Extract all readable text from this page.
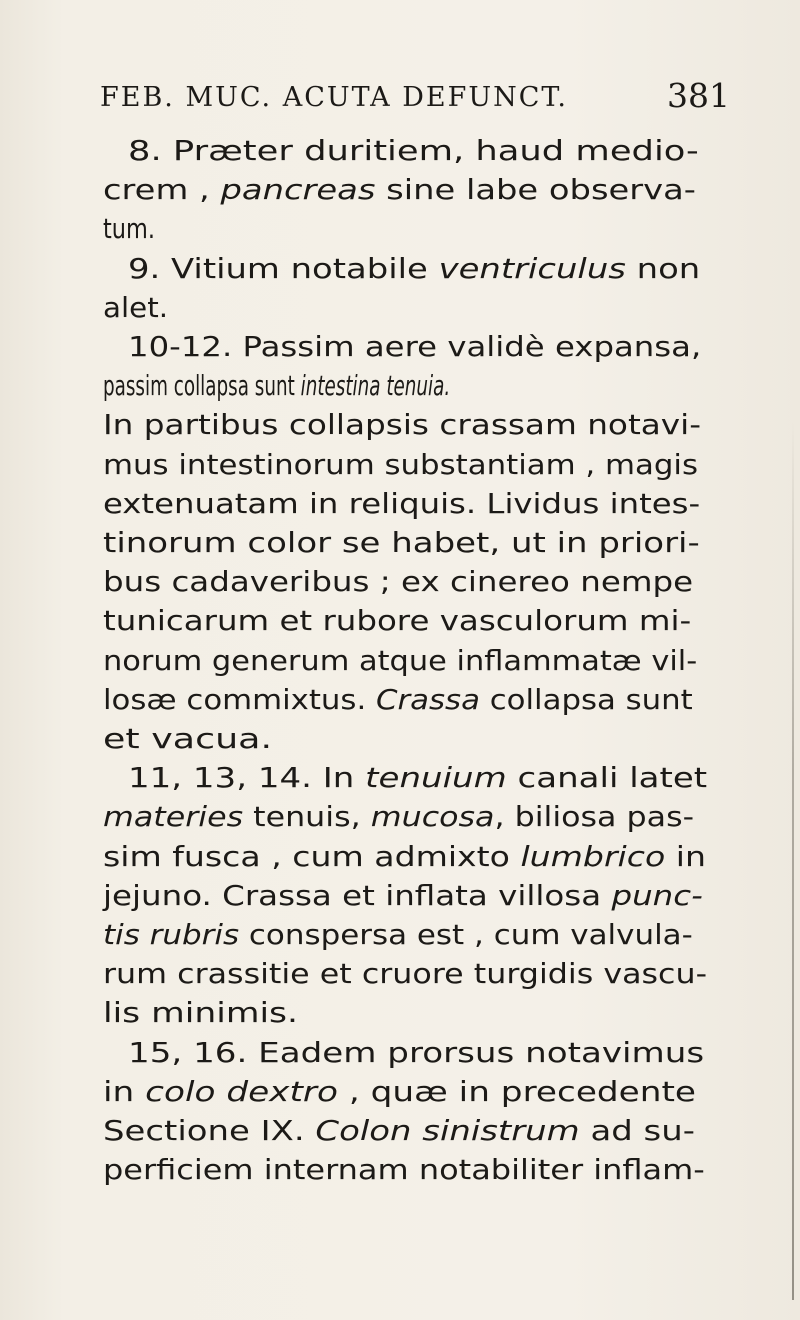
FEB. MUC. ACUTA DEFUNCT.	381
8. Præter duritiem, haud medio-
crem , pancreas sine labe observa-
tum.
9. Vitium notabile ventriculus non
alet.
10-12. Passim aere validè expansa,
passim collapsa sunt intestina tenuia.
In partibus collapsis crassam notavi-
mus intestinorum substantiam , magis
extenuatam in reliquis. Lividus intes-
tinorum color se habet, ut in priori-
bus cadaveribus ; ex cinereo nempe
tunicarum et rubore vasculorum mi-
norum generum atque inflammatæ vil-
losæ commixtus. Crassa collapsa sunt
et vacua.
11, 13, 14. In tenuium canali latet
materies tenuis, mucosa, biliosa pas-
sim fusca , cum admixto lumbrico in
jejuno. Crassa et inflata villosa punc-
tis rubris conspersa est , cum valvula-
rum crassitie et cruore turgidis vascu-
lis minimis.
15, 16. Eadem prorsus notavimus
in colo dextro , quæ in precedente
Sectione IX. Colon sinistrum ad su-
perficiem internam notabiliter inflam-
